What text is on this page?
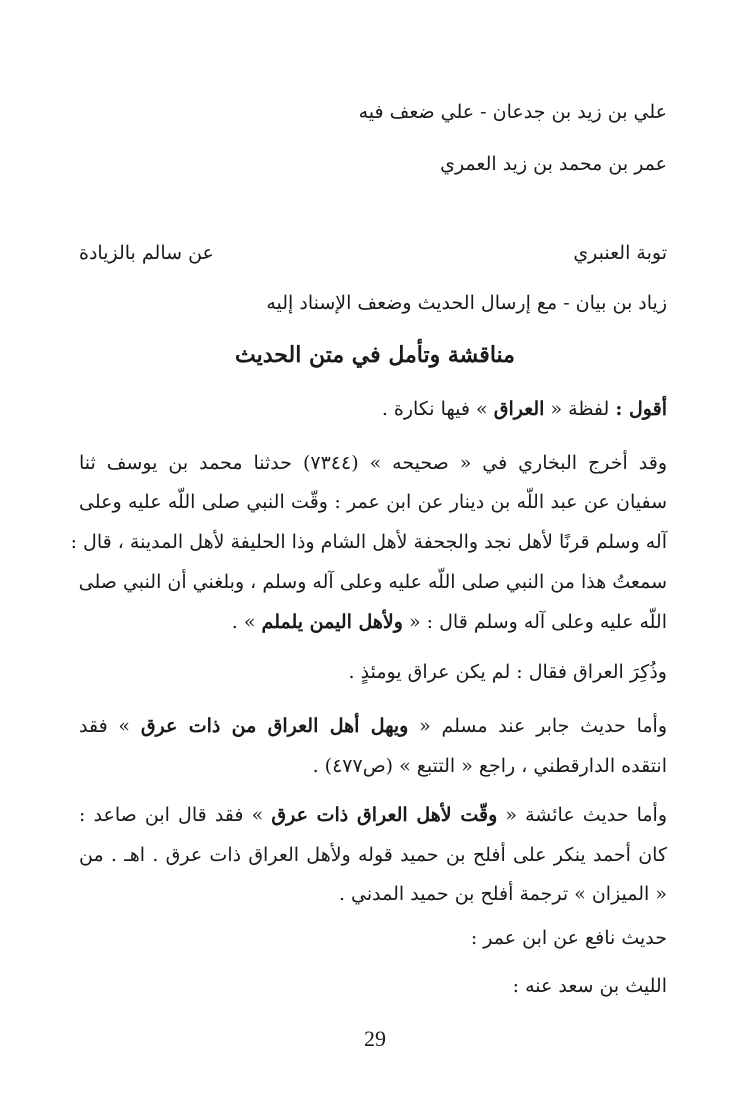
علي بن زيد بن جدعان - علي ضعف فيه
عمر بن محمد بن زيد العمري
توبة العنبري
عن سالم بالزيادة
زياد بن بيان - مع إرسال الحديث وضعف الإسناد إليه
مناقشة وتأمل في متن الحديث
أقول : لفظة « العراق » فيها نكارة .
وقد أخرج البخاري في « صحيحه » (٧٣٤٤) حدثنا محمد بن يوسف ثنا
سفيان عن عبد اللّه بن دينار عن ابن عمر : وقّت النبي صلى اللّه عليه وعلى
آله وسلم قرنًا لأهل نجد والجحفة لأهل الشام وذا الحليفة لأهل المدينة ، قال :
سمعتُ هذا من النبي صلى اللّه عليه وعلى آله وسلم ، وبلغني أن النبي صلى
اللّه عليه وعلى آله وسلم قال : « ولأهل اليمن يلملم » .
وذُكِرَ العراق فقال : لم يكن عراق يومئذٍ .
وأما حديث جابر عند مسلم « ويهل أهل العراق من ذات عرق » فقد
انتقده الدارقطني ، راجع « التتبع » (ص٤٧٧) .
وأما حديث عائشة « وقّت لأهل العراق ذات عرق » فقد قال ابن صاعد :
كان أحمد ينكر على أفلح بن حميد قوله ولأهل العراق ذات عرق . اهـ . من
« الميزان » ترجمة أفلح بن حميد المدني .
حديث نافع عن ابن عمر :
الليث بن سعد عنه :
29
